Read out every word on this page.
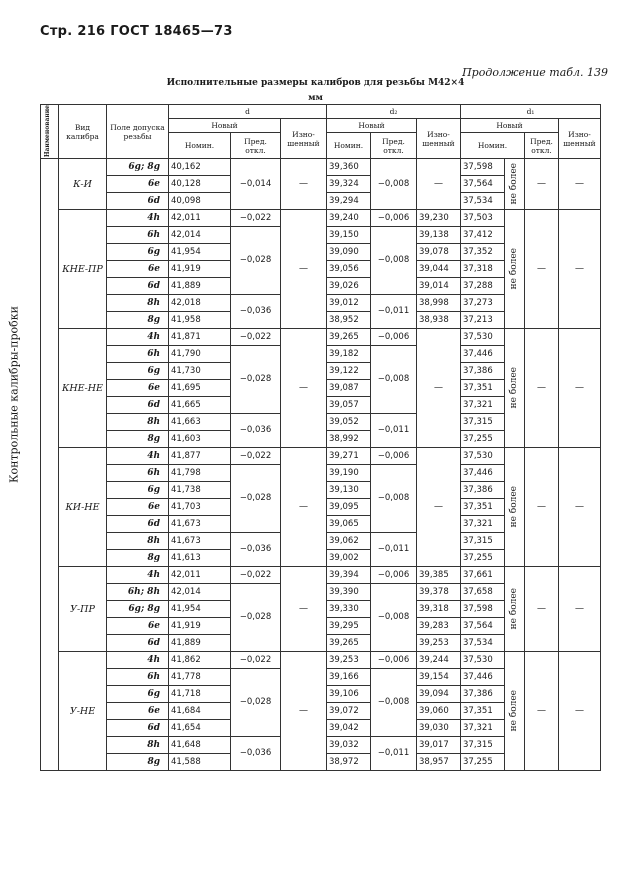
Стр. 216 ГОСТ 18465—73
Продолжение табл. 139
Исполнительные размеры калибров для резьбы M42×4
мм
Контрольные калибры-пробки
Наименование	Вид калибра	Поле допуска резьбы	d			d₂			d₁			
			Новый		Изно-шенный	Новый		Изно-шенный	Новый			Изно-шенный
			Номин.	Пред. откл.		Номин.	Пред. откл.		Номин.		Пред. откл.	
	К-И	6g; 8g	40,162	−0,014	—	39,360	−0,008	—	37,598	не более	—	—
		6e	40,128			39,324			37,564			
		6d	40,098			39,294			37,534			
	КНЕ-ПР	4h	42,011	−0,022	—	39,240	−0,006	39,230	37,503	не более	—	—
		6h	42,014	−0,028		39,150	−0,008	39,138	37,412			
		6g	41,954			39,090		39,078	37,352			
		6e	41,919			39,056		39,044	37,318			
		6d	41,889			39,026		39,014	37,288			
		8h	42,018	−0,036		39,012	−0,011	38,998	37,273			
		8g	41,958			38,952		38,938	37,213			
	КНЕ-НЕ	4h	41,871	−0,022	—	39,265	−0,006	—	37,530	не более	—	—
		6h	41,790	−0,028		39,182	−0,008		37,446			
		6g	41,730			39,122			37,386			
		6e	41,695			39,087			37,351			
		6d	41,665			39,057			37,321			
		8h	41,663	−0,036		39,052	−0,011		37,315			
		8g	41,603			38,992			37,255			
	КИ-НЕ	4h	41,877	−0,022	—	39,271	−0,006	—	37,530	не более	—	—
		6h	41,798	−0,028		39,190	−0,008		37,446			
		6g	41,738			39,130			37,386			
		6e	41,703			39,095			37,351			
		6d	41,673			39,065			37,321			
		8h	41,673	−0,036		39,062	−0,011		37,315			
		8g	41,613			39,002			37,255			
	У-ПР	4h	42,011	−0,022	—	39,394	−0,006	39,385	37,661	не более	—	—
		6h; 8h	42,014	−0,028		39,390	−0,008	39,378	37,658			
		6g; 8g	41,954			39,330		39,318	37,598			
		6e	41,919			39,295		39,283	37,564			
		6d	41,889			39,265		39,253	37,534			
	У-НЕ	4h	41,862	−0,022	—	39,253	−0,006	39,244	37,530	не более	—	—
		6h	41,778	−0,028		39,166	−0,008	39,154	37,446			
		6g	41,718			39,106		39,094	37,386			
		6e	41,684			39,072		39,060	37,351			
		6d	41,654			39,042		39,030	37,321			
		8h	41,648	−0,036		39,032	−0,011	39,017	37,315			
		8g	41,588			38,972		38,957	37,255			
